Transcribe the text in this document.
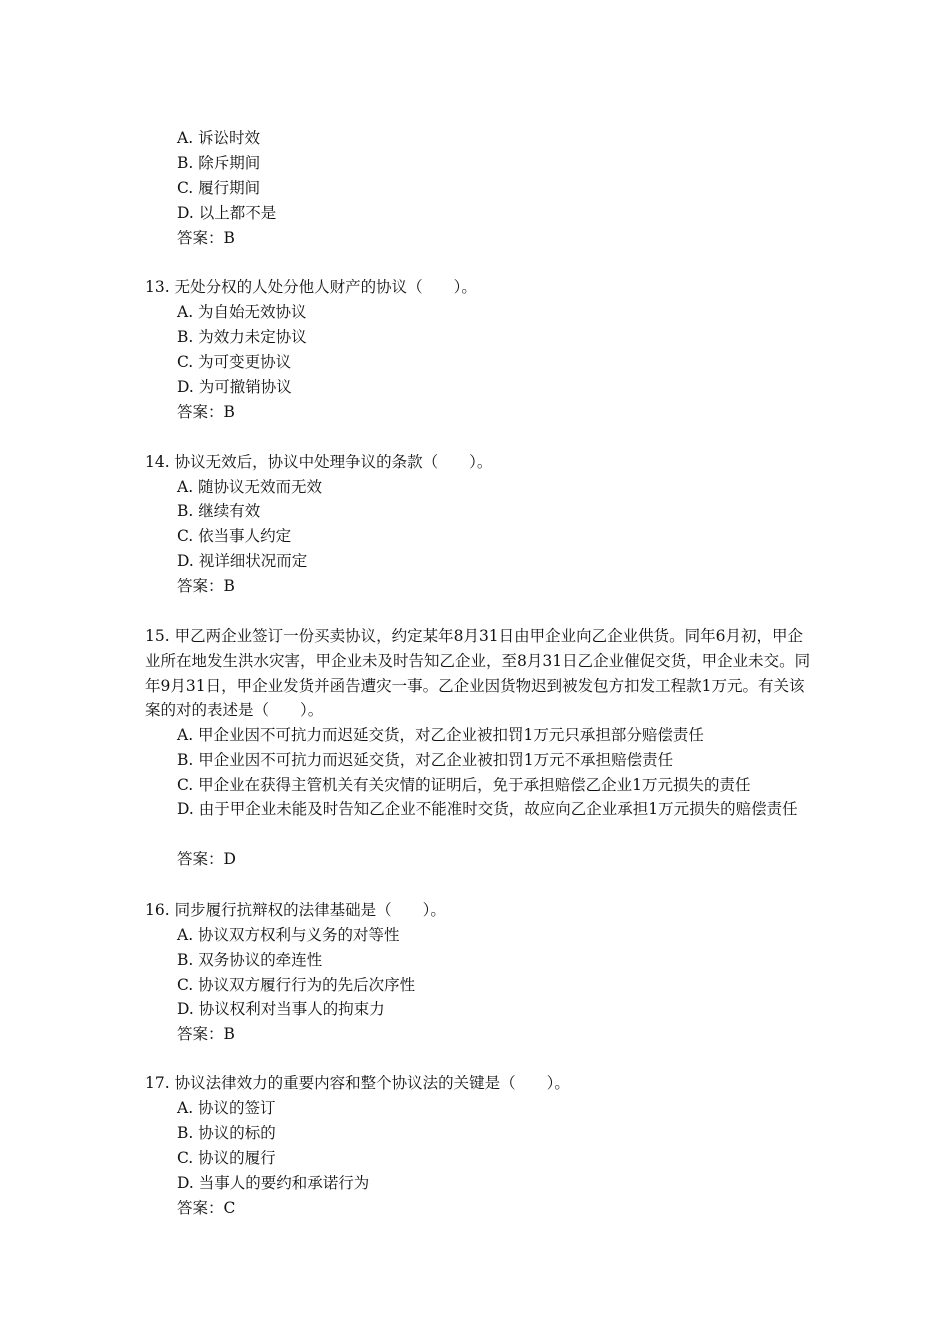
A. 诉讼时效
B. 除斥期间
C. 履行期间
D. 以上都不是
答案：B
13. 无处分权的人处分他人财产的协议（　　）。
A. 为自始无效协议
B. 为效力未定协议
C. 为可变更协议
D. 为可撤销协议
答案：B
14. 协议无效后，协议中处理争议的条款（　　）。
A. 随协议无效而无效
B. 继续有效
C. 依当事人约定
D. 视详细状况而定
答案：B
15. 甲乙两企业签订一份买卖协议，约定某年8月31日由甲企业向乙企业供货。同年6月初，甲企业所在地发生洪水灾害，甲企业未及时告知乙企业，至8月31日乙企业催促交货，甲企业未交。同年9月31日，甲企业发货并函告遭灾一事。乙企业因货物迟到被发包方扣发工程款1万元。有关该案的对的表述是（　　）。
A. 甲企业因不可抗力而迟延交货，对乙企业被扣罚1万元只承担部分赔偿责任
B. 甲企业因不可抗力而迟延交货，对乙企业被扣罚1万元不承担赔偿责任
C. 甲企业在获得主管机关有关灾情的证明后，免于承担赔偿乙企业1万元损失的责任
D. 由于甲企业未能及时告知乙企业不能准时交货，故应向乙企业承担1万元损失的赔偿责任
答案：D
16. 同步履行抗辩权的法律基础是（　　）。
A. 协议双方权利与义务的对等性
B. 双务协议的牵连性
C. 协议双方履行行为的先后次序性
D. 协议权利对当事人的拘束力
答案：B
17. 协议法律效力的重要内容和整个协议法的关键是（　　）。
A. 协议的签订
B. 协议的标的
C. 协议的履行
D. 当事人的要约和承诺行为
答案：C
